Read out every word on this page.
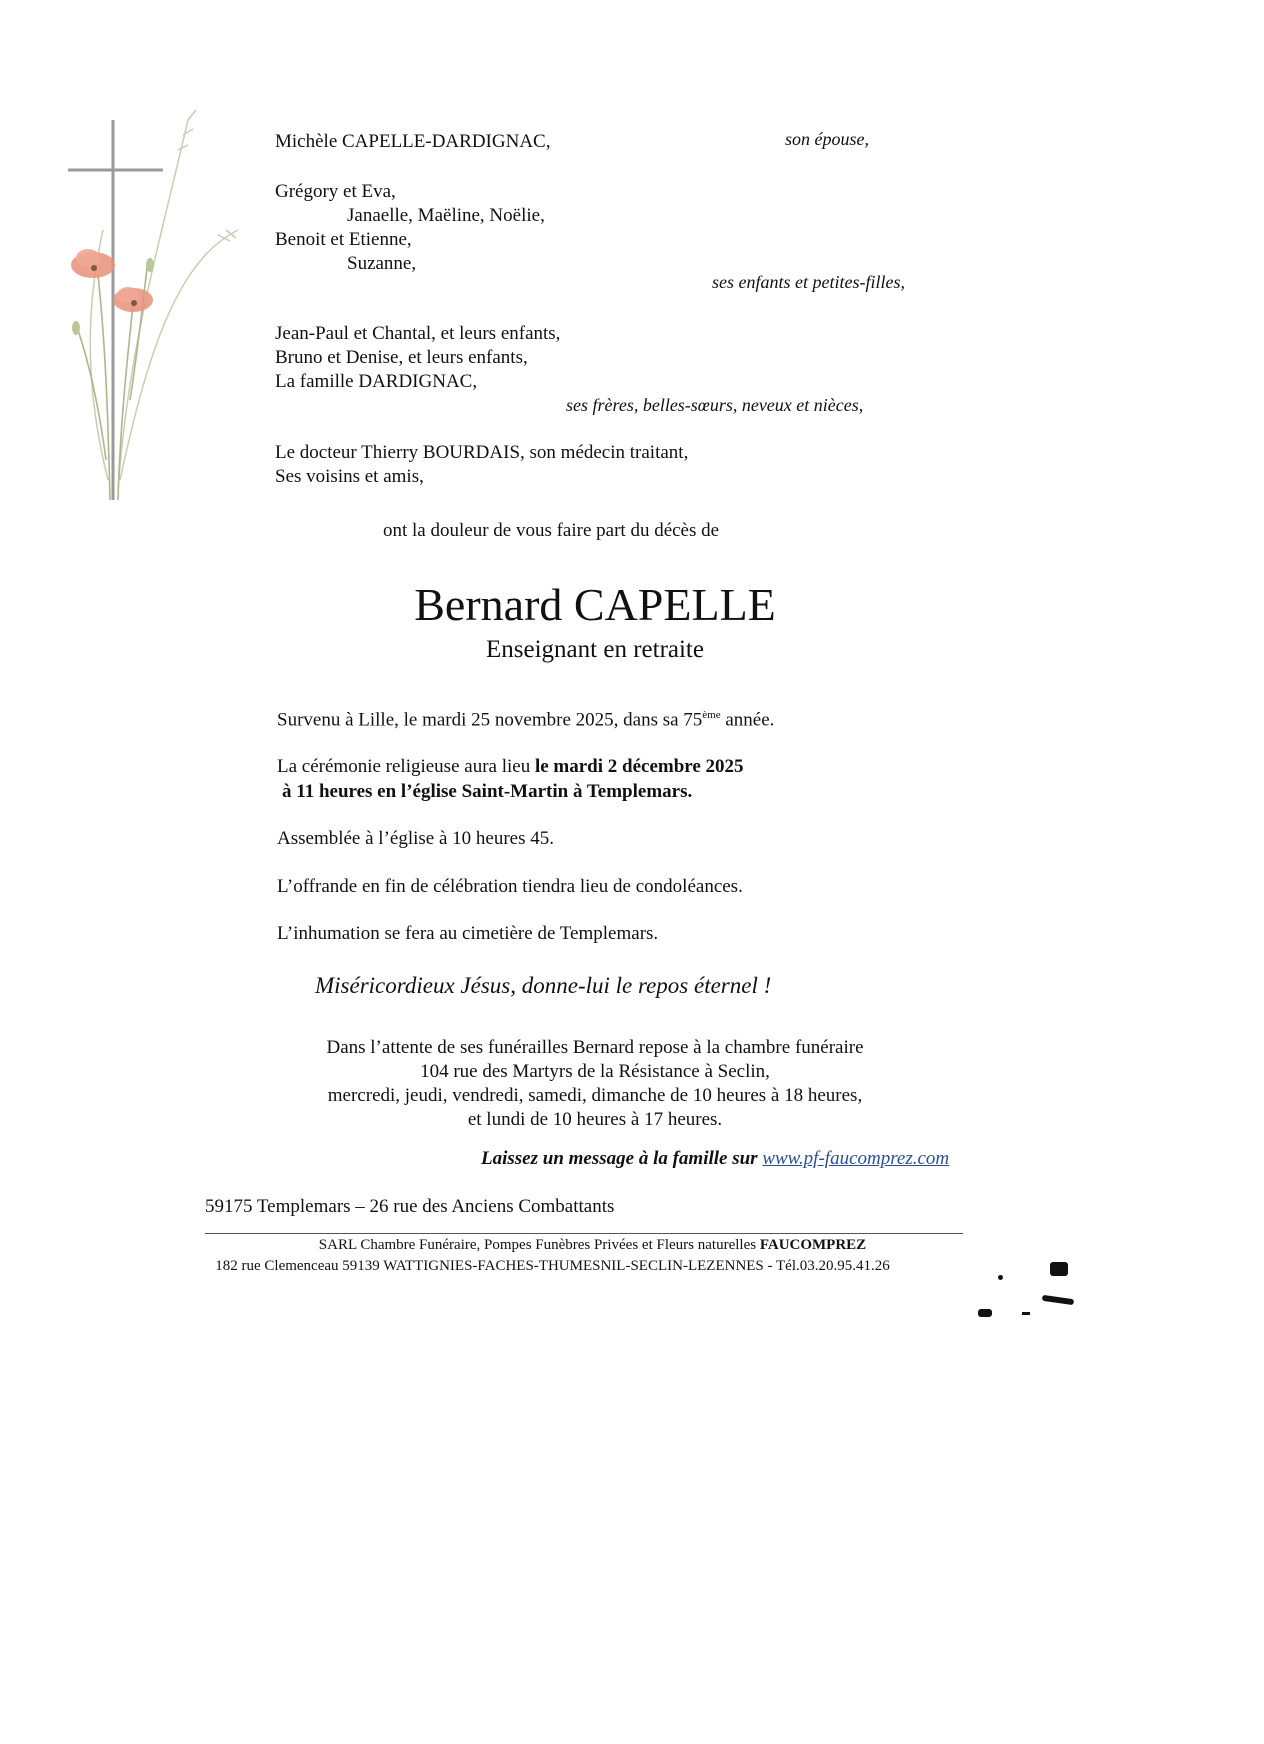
Michèle CAPELLE-DARDIGNAC,	son épouse,
Grégory et Eva,
Janaelle, Maëline, Noëlie,
Benoit et Etienne,
Suzanne,
ses enfants et petites-filles,
Jean-Paul et Chantal, et leurs enfants,
Bruno et Denise, et leurs enfants,
La famille DARDIGNAC,
ses frères, belles-sœurs, neveux et nièces,
Le docteur Thierry BOURDAIS, son médecin traitant,
Ses voisins et amis,
ont la douleur de vous faire part du décès de
Bernard CAPELLE
Enseignant en retraite
Survenu à Lille, le mardi 25 novembre 2025, dans sa 75ème année.
La cérémonie religieuse aura lieu le mardi 2 décembre 2025
à 11 heures en l’église Saint-Martin à Templemars.
Assemblée à l’église à 10 heures 45.
L’offrande en fin de célébration tiendra lieu de condoléances.
L’inhumation se fera au cimetière de Templemars.
Miséricordieux Jésus, donne-lui le repos éternel !
Dans l’attente de ses funérailles Bernard repose à la chambre funéraire
104 rue des Martyrs de la Résistance à Seclin,
mercredi, jeudi, vendredi, samedi, dimanche de 10 heures à 18 heures,
et lundi de 10 heures à 17 heures.
Laissez un message à la famille sur www.pf-faucomprez.com
59175 Templemars – 26 rue des Anciens Combattants
SARL Chambre Funéraire, Pompes Funèbres Privées et Fleurs naturelles FAUCOMPREZ
182 rue Clemenceau 59139 WATTIGNIES-FACHES-THUMESNIL-SECLIN-LEZENNES - Tél.03.20.95.41.26
